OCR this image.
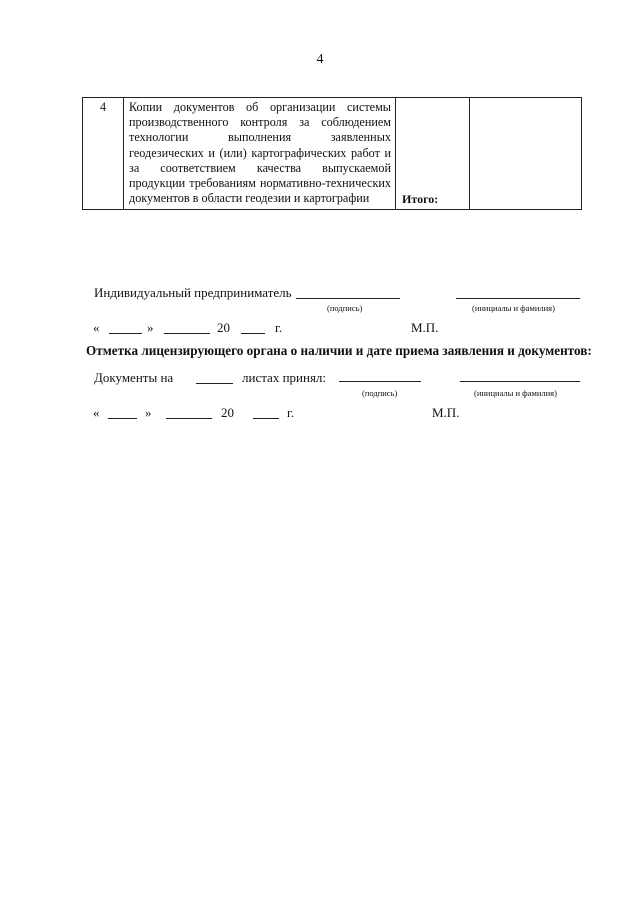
4
4	Копии документов об организации системы производственного контроля за соблюдением технологии выполнения заявленных геодезических и (или) картографических работ и за соответствием качества выпускаемой продукции требованиям нормативно-технических документов в области геодезии и картографии	Итого:

Индивидуальный предприниматель
(подпись)	(инициалы и фамилия)
«	»	20	г.	М.П.
Отметка лицензирующего органа о наличии и дате приема заявления и документов:
Документы на	листах принял:
(подпись)	(инициалы и фамилия)
«	»	20	г.	М.П.
